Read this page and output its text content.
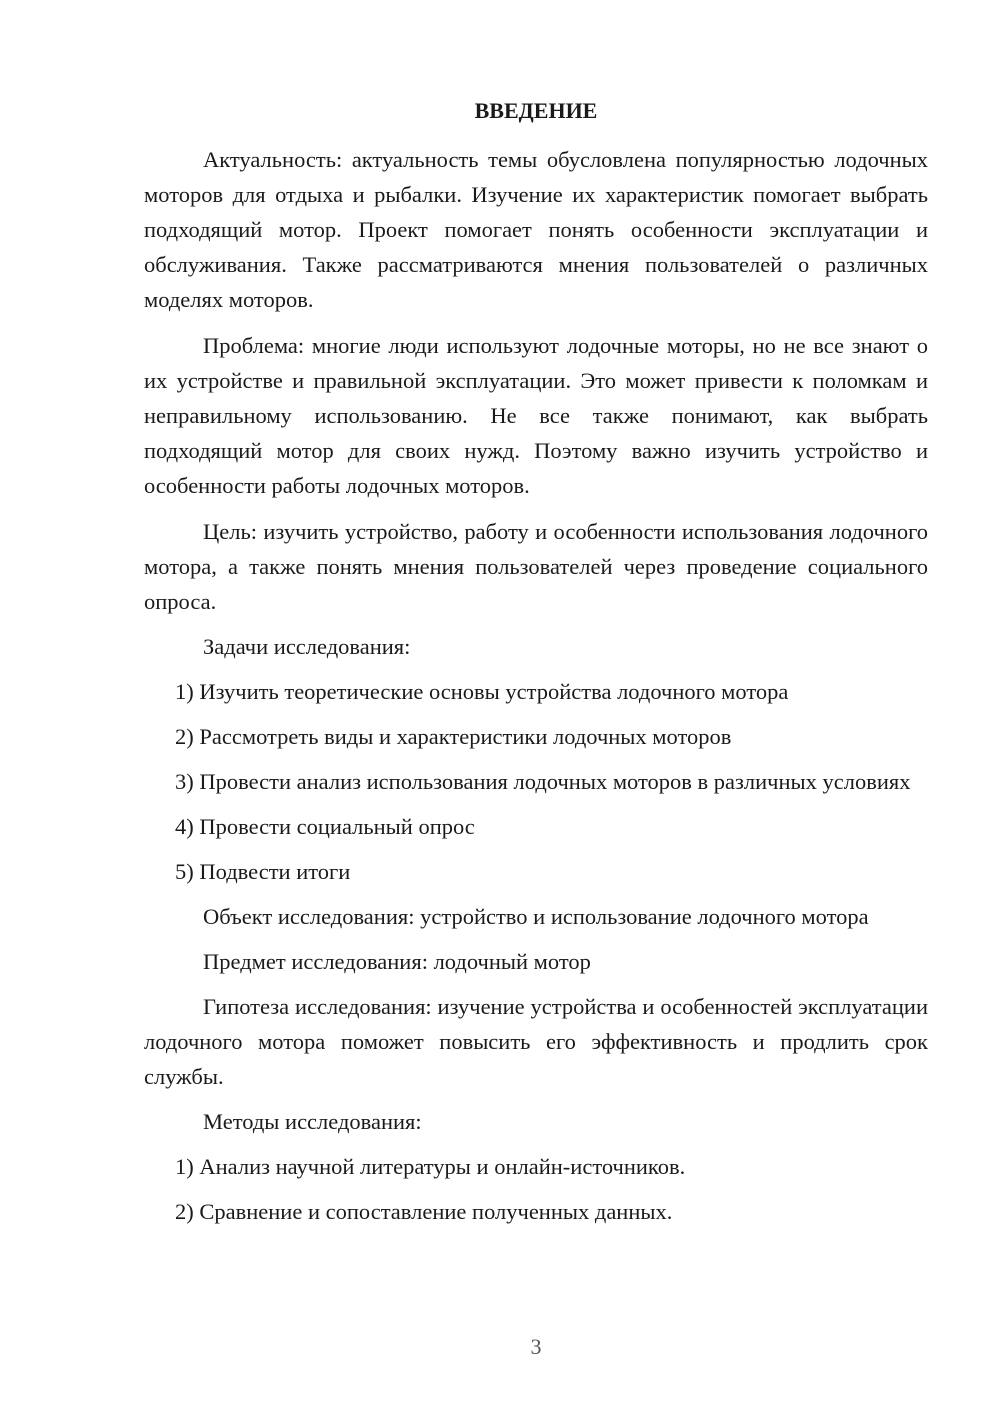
ВВЕДЕНИЕ

Актуальность: актуальность темы обусловлена популярностью лодочных моторов для отдыха и рыбалки. Изучение их характеристик помогает выбрать подходящий мотор. Проект помогает понять особенности эксплуатации и обслуживания. Также рассматриваются мнения пользователей о различных моделях моторов.

Проблема: многие люди используют лодочные моторы, но не все знают о их устройстве и правильной эксплуатации. Это может привести к поломкам и неправильному использованию. Не все также понимают, как выбрать подходящий мотор для своих нужд. Поэтому важно изучить устройство и особенности работы лодочных моторов.

Цель: изучить устройство, работу и особенности использования лодочного мотора, а также понять мнения пользователей через проведение социального опроса.

Задачи исследования:

1) Изучить теоретические основы устройства лодочного мотора

2) Рассмотреть виды и характеристики лодочных моторов

3) Провести анализ использования лодочных моторов в различных условиях

4) Провести социальный опрос

5) Подвести итоги

Объект исследования: устройство и использование лодочного мотора

Предмет исследования: лодочный мотор

Гипотеза исследования: изучение устройства и особенностей эксплуатации лодочного мотора поможет повысить его эффективность и продлить срок службы.

Методы исследования:

1) Анализ научной литературы и онлайн-источников.

2) Сравнение и сопоставление полученных данных.

3
